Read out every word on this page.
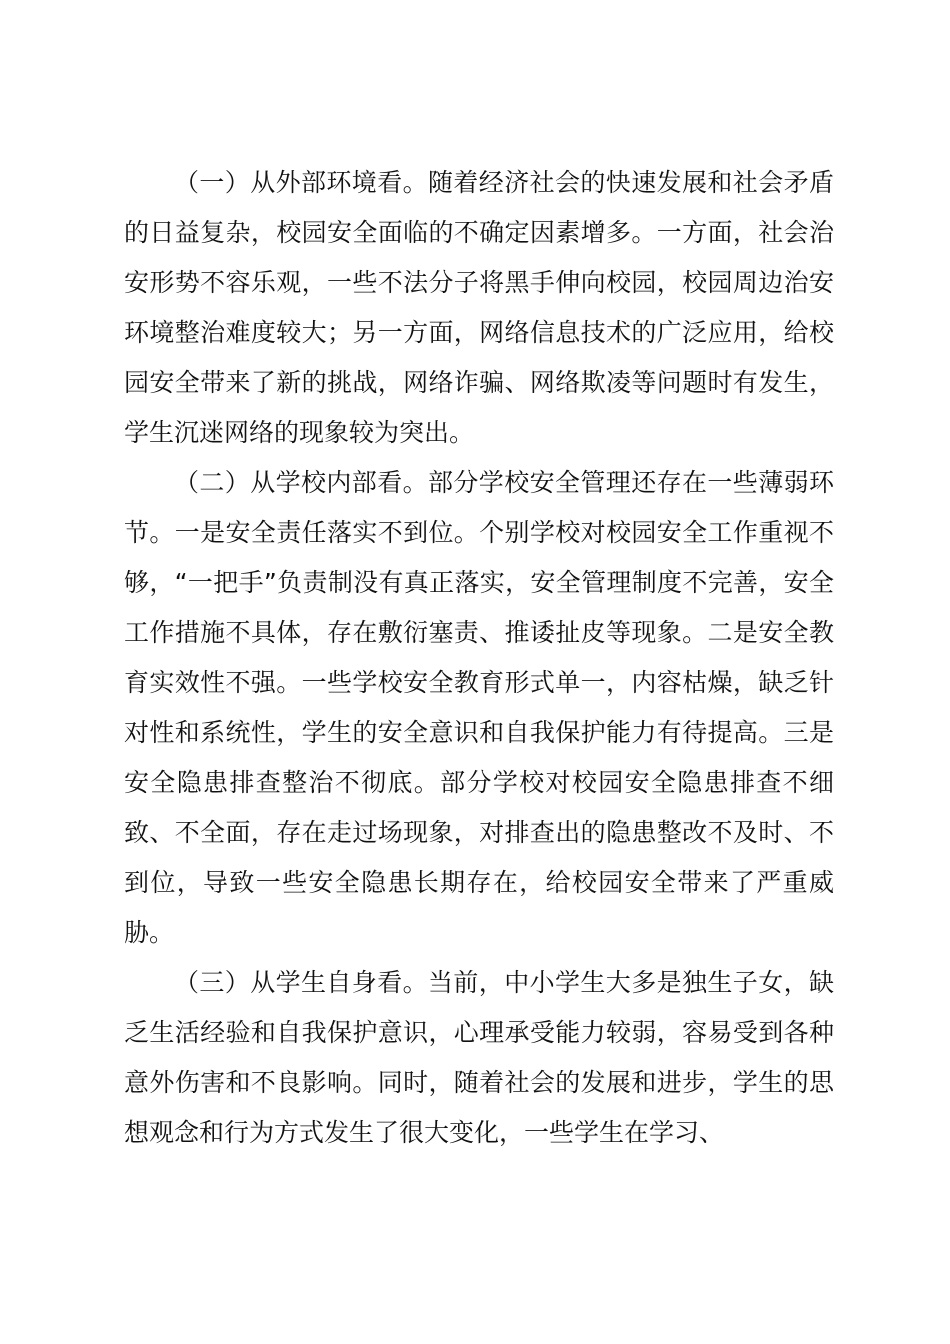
（一）从外部环境看。随着经济社会的快速发展和社会矛盾的日益复杂，校园安全面临的不确定因素增多。一方面，社会治安形势不容乐观，一些不法分子将黑手伸向校园，校园周边治安环境整治难度较大；另一方面，网络信息技术的广泛应用，给校园安全带来了新的挑战，网络诈骗、网络欺凌等问题时有发生，学生沉迷网络的现象较为突出。

（二）从学校内部看。部分学校安全管理还存在一些薄弱环节。一是安全责任落实不到位。个别学校对校园安全工作重视不够，“一把手”负责制没有真正落实，安全管理制度不完善，安全工作措施不具体，存在敷衍塞责、推诿扯皮等现象。二是安全教育实效性不强。一些学校安全教育形式单一，内容枯燥，缺乏针对性和系统性，学生的安全意识和自我保护能力有待提高。三是安全隐患排查整治不彻底。部分学校对校园安全隐患排查不细致、不全面，存在走过场现象，对排查出的隐患整改不及时、不到位，导致一些安全隐患长期存在，给校园安全带来了严重威胁。

（三）从学生自身看。当前，中小学生大多是独生子女，缺乏生活经验和自我保护意识，心理承受能力较弱，容易受到各种意外伤害和不良影响。同时，随着社会的发展和进步，学生的思想观念和行为方式发生了很大变化，一些学生在学习、
